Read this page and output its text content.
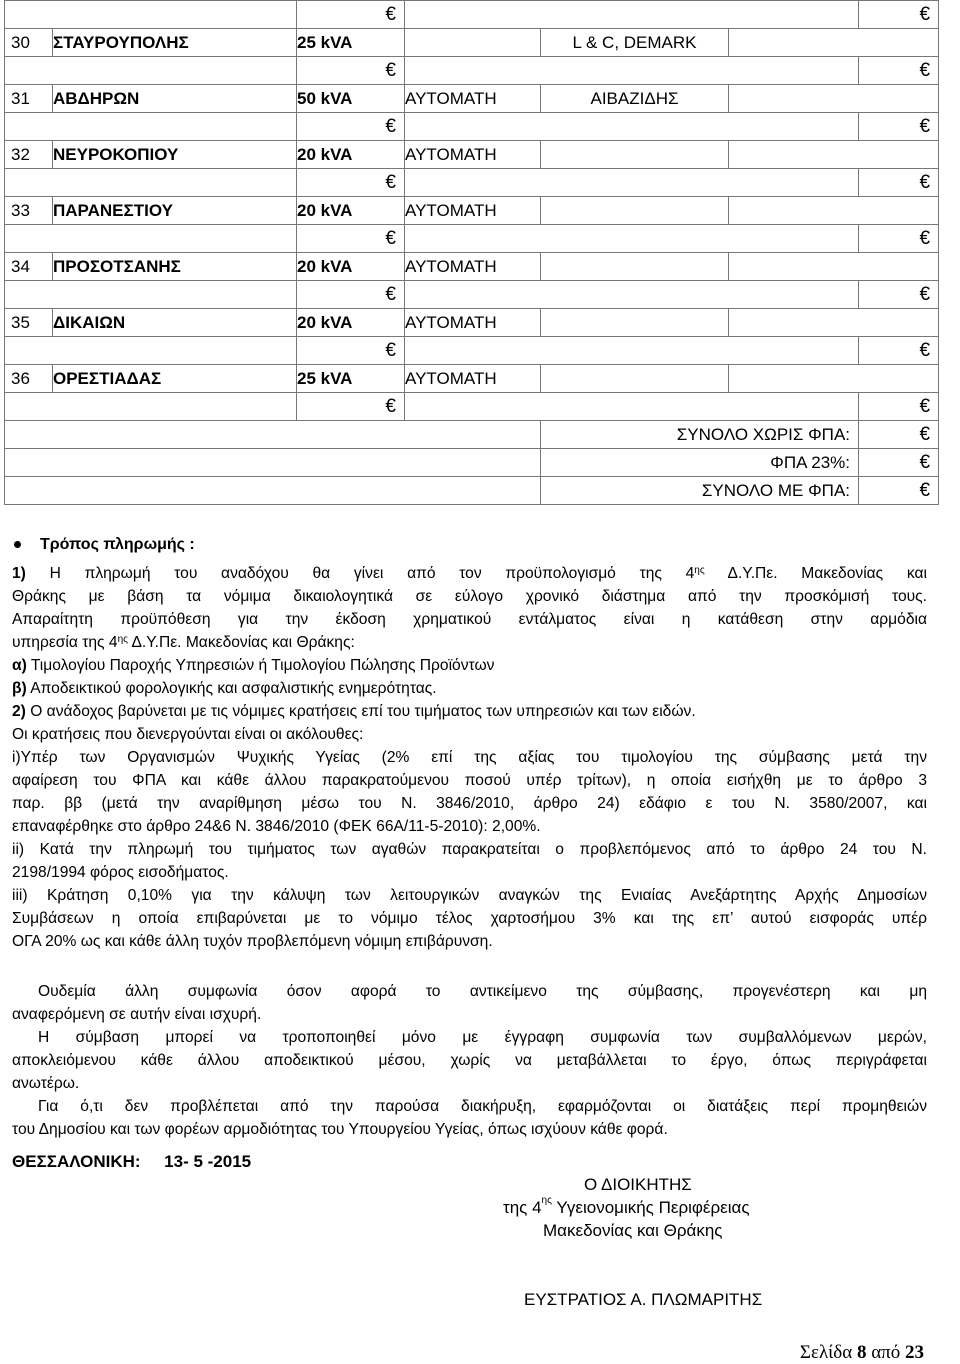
		€				€
30	ΣΤΑΥΡΟΥΠΟΛΗΣ	25 kVA		L & C, DEMARK		
		€				€
31	ΑΒΔΗΡΩΝ	50 kVA	ΑΥΤΟΜΑΤΗ	ΑΙΒΑΖΙΔΗΣ		
		€				€
32	ΝΕΥΡΟΚΟΠΙΟΥ	20 kVA	ΑΥΤΟΜΑΤΗ			
		€				€
33	ΠΑΡΑΝΕΣΤΙΟΥ	20 kVA	ΑΥΤΟΜΑΤΗ			
		€				€
34	ΠΡΟΣΟΤΣΑΝΗΣ	20 kVA	ΑΥΤΟΜΑΤΗ			
		€				€
35	ΔΙΚΑΙΩΝ	20 kVA	ΑΥΤΟΜΑΤΗ			
		€				€
36	ΟΡΕΣΤΙΑΔΑΣ	25 kVA	ΑΥΤΟΜΑΤΗ			
		€				€
				ΣΥΝΟΛΟ ΧΩΡΙΣ ΦΠΑ:		€
				ΦΠΑ 23%:		€
				ΣΥΝΟΛΟ ΜΕ ΦΠΑ:		€
Τρόπος πληρωμής :
1) Η πληρωμή του αναδόχου θα γίνει από τον προϋπολογισμό της $4^{\eta\varsigma}$ Δ.Υ.Πε. Μακεδονίας και
Θράκης με βάση τα νόμιμα δικαιολογητικά σε εύλογο χρονικό διάστημα από την προσκόμισή τους.
Απαραίτητη προϋπόθεση για την έκδοση χρηματικού εντάλματος είναι η κατάθεση στην αρμόδια
υπηρεσία της $4^{\eta\varsigma}$ Δ.Υ.Πε. Μακεδονίας και Θράκης:
α) Τιμολογίου Παροχής Υπηρεσιών ή Τιμολογίου Πώλησης Προϊόντων
β) Αποδεικτικού φορολογικής και ασφαλιστικής ενημερότητας.
2) Ο ανάδοχος βαρύνεται με τις νόμιμες κρατήσεις επί του τιμήματος των υπηρεσιών και των ειδών.
Οι κρατήσεις που διενεργούνται είναι οι ακόλουθες:
i)Υπέρ των Οργανισμών Ψυχικής Υγείας (2% επί της αξίας του τιμολογίου της σύμβασης μετά την
αφαίρεση του ΦΠΑ και κάθε άλλου παρακρατούμενου ποσού υπέρ τρίτων), η οποία εισήχθη με το άρθρο 3
παρ. ββ (μετά την αναρίθμηση μέσω του Ν. 3846/2010, άρθρο 24) εδάφιο ε του Ν. 3580/2007, και
επαναφέρθηκε στο άρθρο 24&6 Ν. 3846/2010 (ΦΕΚ 66Α/11-5-2010): 2,00%.
ii) Κατά την πληρωμή του τιμήματος των αγαθών παρακρατείται ο προβλεπόμενος από το άρθρο 24 του Ν.
2198/1994 φόρος εισοδήματος.
iii) Κράτηση 0,10% για την κάλυψη των λειτουργικών αναγκών της Ενιαίας Ανεξάρτητης Αρχής Δημοσίων
Συμβάσεων η οποία επιβαρύνεται με το νόμιμο τέλος χαρτοσήμου 3% και της επ’ αυτού εισφοράς υπέρ
ΟΓΑ 20% ως και κάθε άλλη τυχόν προβλεπόμενη νόμιμη επιβάρυνση.
Ουδεμία άλλη συμφωνία όσον αφορά το αντικείμενο της σύμβασης, προγενέστερη και μη
αναφερόμενη σε αυτήν είναι ισχυρή.
Η σύμβαση μπορεί να τροποποιηθεί μόνο με έγγραφη συμφωνία των συμβαλλόμενων μερών,
αποκλειόμενου κάθε άλλου αποδεικτικού μέσου, χωρίς να μεταβάλλεται το έργο, όπως περιγράφεται
ανωτέρω.
Για ό,τι δεν προβλέπεται από την παρούσα διακήρυξη, εφαρμόζονται οι διατάξεις περί προμηθειών
του Δημοσίου και των φορέων αρμοδιότητας του Υπουργείου Υγείας, όπως ισχύουν κάθε φορά.
ΘΕΣΣΑΛΟΝΙΚΗ:     13- 5 -2015
Ο ΔΙΟΙΚΗΤΗΣ
της $4^{\eta\varsigma}$ Υγειονομικής Περιφέρειας
Μακεδονίας και Θράκης
ΕΥΣΤΡΑΤΙΟΣ Α. ΠΛΩΜΑΡΙΤΗΣ
Σελίδα 8 από 23
